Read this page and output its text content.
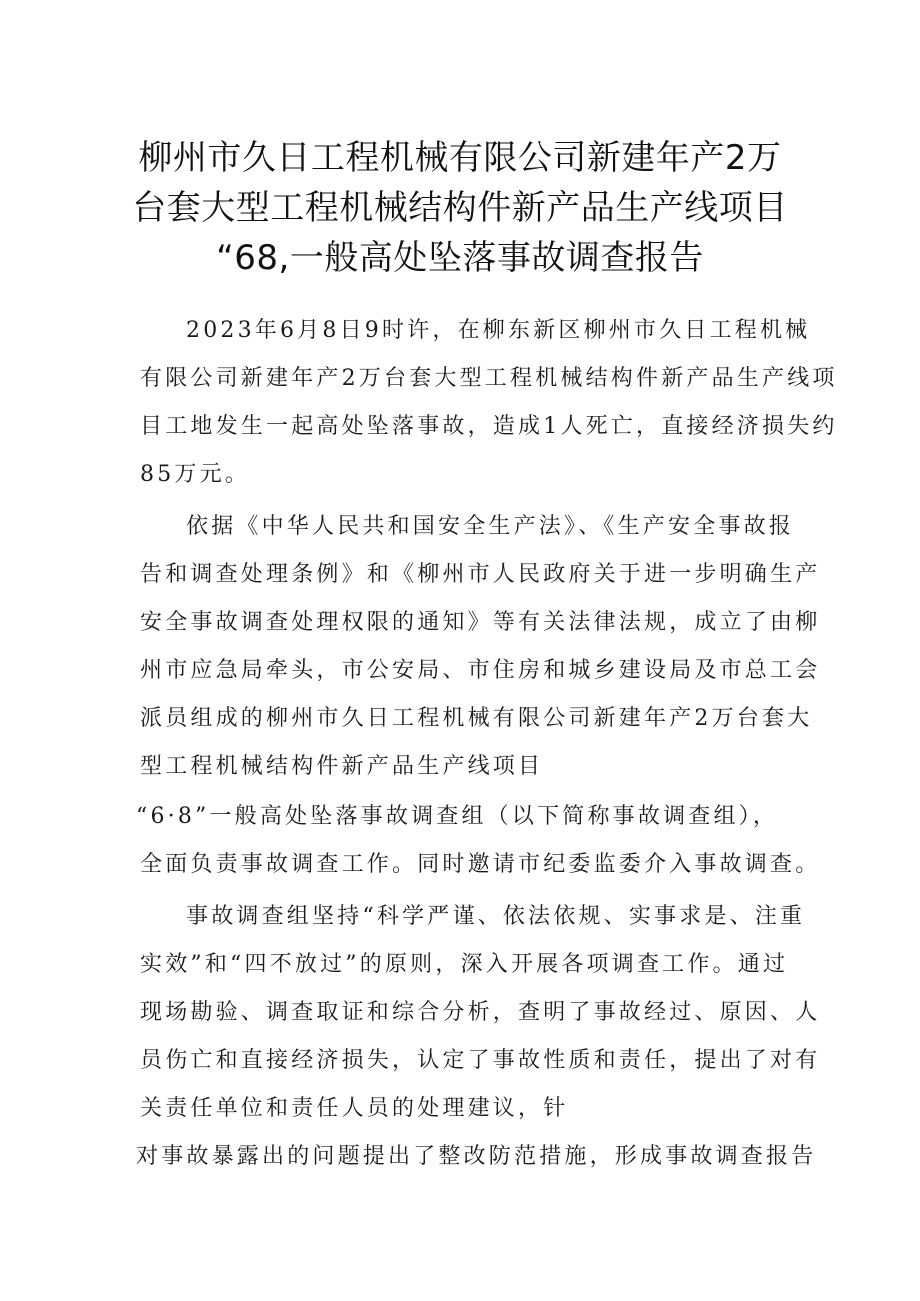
柳州市久日工程机械有限公司新建年产2万
台套大型工程机械结构件新产品生产线项目
“68,一般高处坠落事故调查报告
2023年6月8日9时许，在柳东新区柳州市久日工程机械
有限公司新建年产2万台套大型工程机械结构件新产品生产线项
目工地发生一起高处坠落事故，造成1人死亡，直接经济损失约
85万元。
依据《中华人民共和国安全生产法》、《生产安全事故报
告和调查处理条例》和《柳州市人民政府关于进一步明确生产
安全事故调查处理权限的通知》等有关法律法规，成立了由柳
州市应急局牵头，市公安局、市住房和城乡建设局及市总工会
派员组成的柳州市久日工程机械有限公司新建年产2万台套大
型工程机械结构件新产品生产线项目
“6·8”一般高处坠落事故调查组（以下简称事故调查组），
全面负责事故调查工作。同时邀请市纪委监委介入事故调查。
事故调查组坚持“科学严谨、依法依规、实事求是、注重
实效”和“四不放过”的原则，深入开展各项调查工作。通过
现场勘验、调查取证和综合分析，查明了事故经过、原因、人
员伤亡和直接经济损失，认定了事故性质和责任，提出了对有
关责任单位和责任人员的处理建议，针
对事故暴露出的问题提出了整改防范措施，形成事故调查报告
